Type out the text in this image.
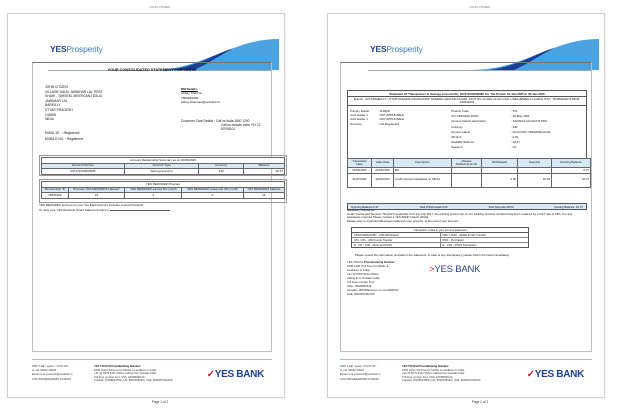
JOHN CITIZEN
YESProsperity
YOUR CONSOLIDATED STATEMENT FOR JUN'25
JOHN CITIZEN
VILLAGE DAULI JAWAHAR LAL POST
SHAHI - TAHSEEL MEERGANJ DAULI
JAWAHAR LAL
BAREILLY
UTTAR PRADESH
243505
INDIA
RM Details:
Abhay Sharma
7906049006
abhay.sharma2@yesbank.in
Customer Care Details : Call us India 1800 1200
Call us outside India +91 22 50795101
EMAIL ID : Registered
MOBILE NO. : Registered
Account Relationship Summary as on 30/06/2025			
Account Number	Account Type	Currency	Balance
007479100000985	Savings Account	INR	18.37
YES REWARDZ Program				
Membership ID	Previous YES REWARDZ balance*	YES REWARDZ earned this month	YES REWARDZ redeemed this month	YES REWARDZ balance
18393330	15	0	0	15
YES REWARDZ accrued on your Yes Bank Account includes expired Rewardz.
To view your YES Rewardz Smart Statement login to
SMS "Help" space <CUST ID>
to +91 99922 20020
Email us at yestouch@yesbank.in
CIN:L65190MH2003PLC143249
YES TOUCH PhoneBanking Number:
1800 1200 (Toll Free for Mobile & Landlines in India)
+91 22 5079 5101 (When calling from Outside India)
Toll Free number from USA: 18338000149
Canada: 18338012550 | UK: 8000408153 | UAE: 8000357062010
✓YES BANK
Page 1 of 2
JOHN CITIZEN
YESProsperity
Statement Of Transactions In Savings Account No: 007479100000985 For The Period: 01-Jun-2025 to 30-Jun-2025
Branch : 0074,BAREILLY, UTTAR PRADESH,MAHALAXMI TOWERS GROUND FLOOR, PLOT NO 12 AND 13,112 CIVIL LINES,BAREILLY,243001 IFSC: YESB0000074,MICR: 243532003
Primary Holder	: SUMAN
Joint Holder 1	: NOT APPLICABLE
Joint Holder 2	: NOT APPLICABLE
Nominee	: Not Registered
Product Code	: 751
A/C OPENING DATE	: 28-May-2021
Account Variant description	: SAVINGS ACCOUNT PRO
Currency	: INR
Account status	: ACCOUNT OPEN/REGULAR
OD limit	: 0.00
Available Balance	: 18.37
Sweep in	: No
Transaction Date	Value Date	Description	Cheque No/Reference No	Withdrawals	Deposits	Running Balance
01/06/2025	01/06/2025	B/F				0.37
01/07/2025	30/06/2025	Credit Interest Capitalised on SB A/c		0.00	18.00	18.37
Opening Balance:0.37	Total Withdrawals:0.00	Total Deposits:18.00	Closing Balance: 18.37
Mandatory disclaimer:
Under Goods and Services Tax(GST) applicable from 1st July 2017, the existing service tax on our banking services rendered has been replaced by a GST rate of 18%. For any assistance required,Please contact a YES BANK branch official.
Please refer to Important Messages related to your account, at the end of your account.
Transaction codes in your account statement
ATW/CWDR/ATMT - ATM Withdrawal	CBO / CMO - Mobile Funds Transfer
ATC / ATL - ATM Funds Transfer	POD - Purchased
R - INT / LCR - Returned RTGS	R - LCR - RTGS Transaction
Please review the information provided in the statement. In case of any discrepancy, please inform the bank immediately.
YES TOUCH Phonebanking Number:
1800 1200 (Toll Free for Mobile &
Landlines in India)
+91 22 5079 5101 (When
calling from Outside India)
Toll Free number from
USA: 18332800149
Canada: 18334991xxxxx us xxxxx800153
UAE: 8000357062010
>YES BANK
SMS "Help" space <CUST ID>
to +91 99922 20020
Email us at yestouch@yesbank.in
CIN:L65190MH2003PLC143249
YES TOUCH PhoneBanking Number:
1800 1200 (Toll Free for Mobile & Landlines in India)
+91 22 5079 5101 (When calling from Outside India)
Toll Free number from USA: 18338000149
Canada: 18338012550 | UK: 8000408153 | UAE: 8000357062010
✓YES BANK
Page 2 of 2
